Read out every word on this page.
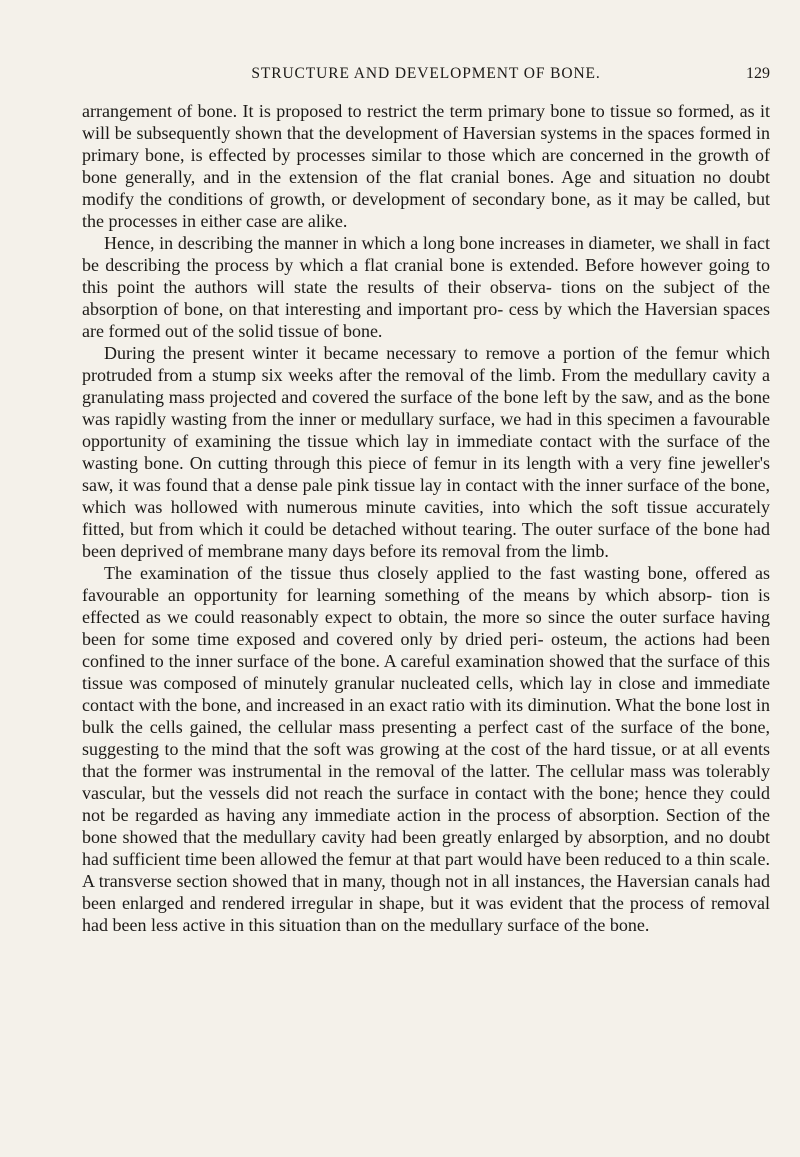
STRUCTURE AND DEVELOPMENT OF BONE.	129

arrangement of bone. It is proposed to restrict the term primary bone to tissue so formed, as it will be subsequently shown that the development of Haversian systems in the spaces formed in primary bone, is effected by processes similar to those which are concerned in the growth of bone generally, and in the extension of the flat cranial bones. Age and situation no doubt modify the conditions of growth, or development of secondary bone, as it may be called, but the processes in either case are alike.

Hence, in describing the manner in which a long bone increases in diameter, we shall in fact be describing the process by which a flat cranial bone is extended. Before however going to this point the authors will state the results of their observa- tions on the subject of the absorption of bone, on that interesting and important pro- cess by which the Haversian spaces are formed out of the solid tissue of bone.

During the present winter it became necessary to remove a portion of the femur which protruded from a stump six weeks after the removal of the limb. From the medullary cavity a granulating mass projected and covered the surface of the bone left by the saw, and as the bone was rapidly wasting from the inner or medullary surface, we had in this specimen a favourable opportunity of examining the tissue which lay in immediate contact with the surface of the wasting bone. On cutting through this piece of femur in its length with a very fine jeweller's saw, it was found that a dense pale pink tissue lay in contact with the inner surface of the bone, which was hollowed with numerous minute cavities, into which the soft tissue accurately fitted, but from which it could be detached without tearing. The outer surface of the bone had been deprived of membrane many days before its removal from the limb.

The examination of the tissue thus closely applied to the fast wasting bone, offered as favourable an opportunity for learning something of the means by which absorp- tion is effected as we could reasonably expect to obtain, the more so since the outer surface having been for some time exposed and covered only by dried peri- osteum, the actions had been confined to the inner surface of the bone. A careful examination showed that the surface of this tissue was composed of minutely granular nucleated cells, which lay in close and immediate contact with the bone, and increased in an exact ratio with its diminution. What the bone lost in bulk the cells gained, the cellular mass presenting a perfect cast of the surface of the bone, suggesting to the mind that the soft was growing at the cost of the hard tissue, or at all events that the former was instrumental in the removal of the latter. The cellular mass was tolerably vascular, but the vessels did not reach the surface in contact with the bone; hence they could not be regarded as having any immediate action in the process of absorption. Section of the bone showed that the medullary cavity had been greatly enlarged by absorption, and no doubt had sufficient time been allowed the femur at that part would have been reduced to a thin scale. A transverse section showed that in many, though not in all instances, the Haversian canals had been enlarged and rendered irregular in shape, but it was evident that the process of removal had been less active in this situation than on the medullary surface of the bone.
